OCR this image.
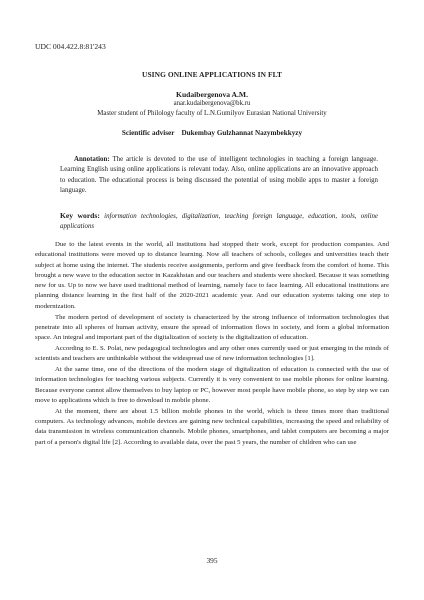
UDC 004.422.8:81'243
USING ONLINE APPLICATIONS IN FLT
Kudaibergenova A.M.
anar.kudaibergenova@bk.ru
Master student of Philology faculty of L.N.Gumilyov Eurasian National University
Scientific adviser Dukembay Gulzhannat Nazymbekkyzy
Annotation: The article is devoted to the use of intelligent technologies in teaching a foreign language. Learning English using online applications is relevant today. Also, online applications are an innovative approach to education. The educational process is being discussed the potential of using mobile apps to master a foreign language.
Key words: information technologies, digitalization, teaching foreign language, education, tools, online applications

Due to the latest events in the world, all institutions had stopped their work, except for production companies. And educational institutions were moved up to distance learning. Now all teachers of schools, colleges and universities teach their subject at home using the internet. The students receive assignments, perform and give feedback from the comfort of home. This brought a new wave to the education sector in Kazakhstan and our teachers and students were shocked. Because it was something new for us. Up to now we have used traditional method of learning, namely face to face learning. All educational institutions are planning distance learning in the first half of the 2020-2021 academic year. And our education systems taking one step to modernization.

The modern period of development of society is characterized by the strong influence of information technologies that penetrate into all spheres of human activity, ensure the spread of information flows in society, and form a global information space. An integral and important part of the digitalization of society is the digitalization of education.

According to E. S. Polat, new pedagogical technologies and any other ones currently used or just emerging in the minds of scientists and teachers are unthinkable without the widespread use of new information technologies [1].

At the same time, one of the directions of the modern stage of digitalization of education is connected with the use of information technologies for teaching various subjects. Currently it is very convenient to use mobile phones for online learning. Because everyone cannot allow themselves to buy laptop or PC, however most people have mobile phone, so step by step we can move to applications which is free to download in mobile phone.

At the moment, there are about 1.5 billion mobile phones in the world, which is three times more than traditional computers. As technology advances, mobile devices are gaining new technical capabilities, increasing the speed and reliability of data transmission in wireless communication channels. Mobile phones, smartphones, and tablet computers are becoming a major part of a person's digital life [2]. According to available data, over the past 5 years, the number of children who can use

395
